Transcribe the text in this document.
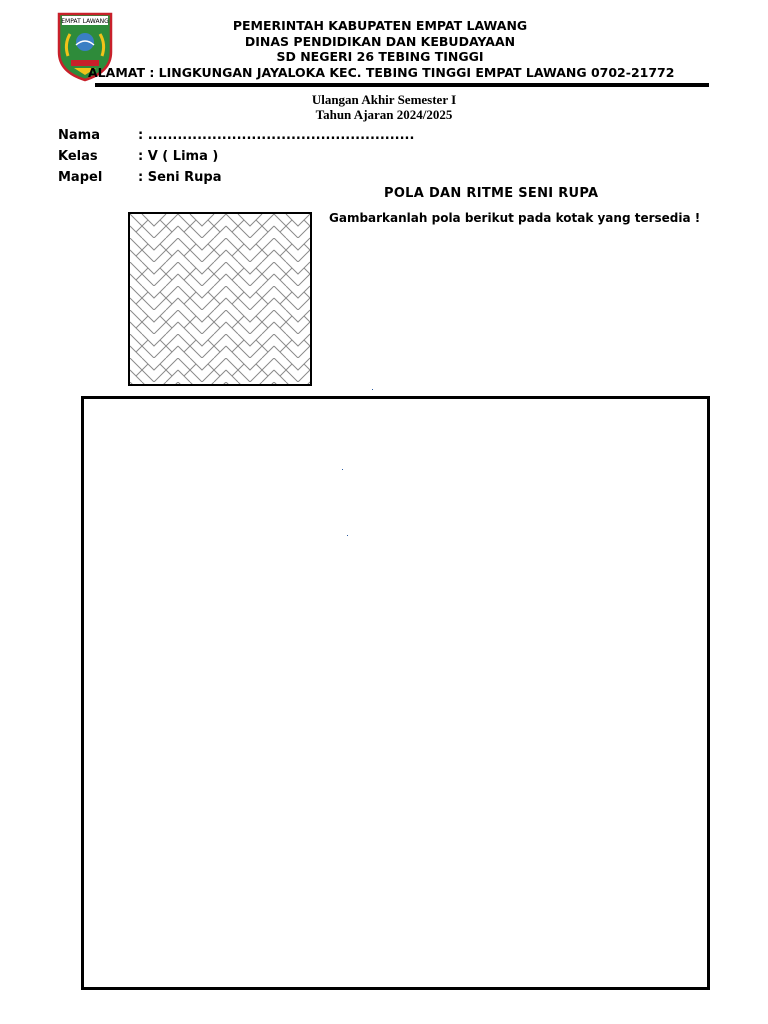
EMPAT LAWANG	PEMERINTAH KABUPATEN EMPAT LAWANG
DINAS PENDIDIKAN DAN KEBUDAYAAN
SD NEGERI 26 TEBING TINGGI
ALAMAT : LINGKUNGAN JAYALOKA KEC. TEBING TINGGI EMPAT LAWANG 0702-21772
Ulangan Akhir Semester I
Tahun Ajaran 2024/2025
Nama	: ......................................................
Kelas	: V ( Lima )
Mapel	: Seni Rupa
POLA DAN RITME SENI RUPA
Gambarkanlah pola berikut pada kotak yang tersedia !
